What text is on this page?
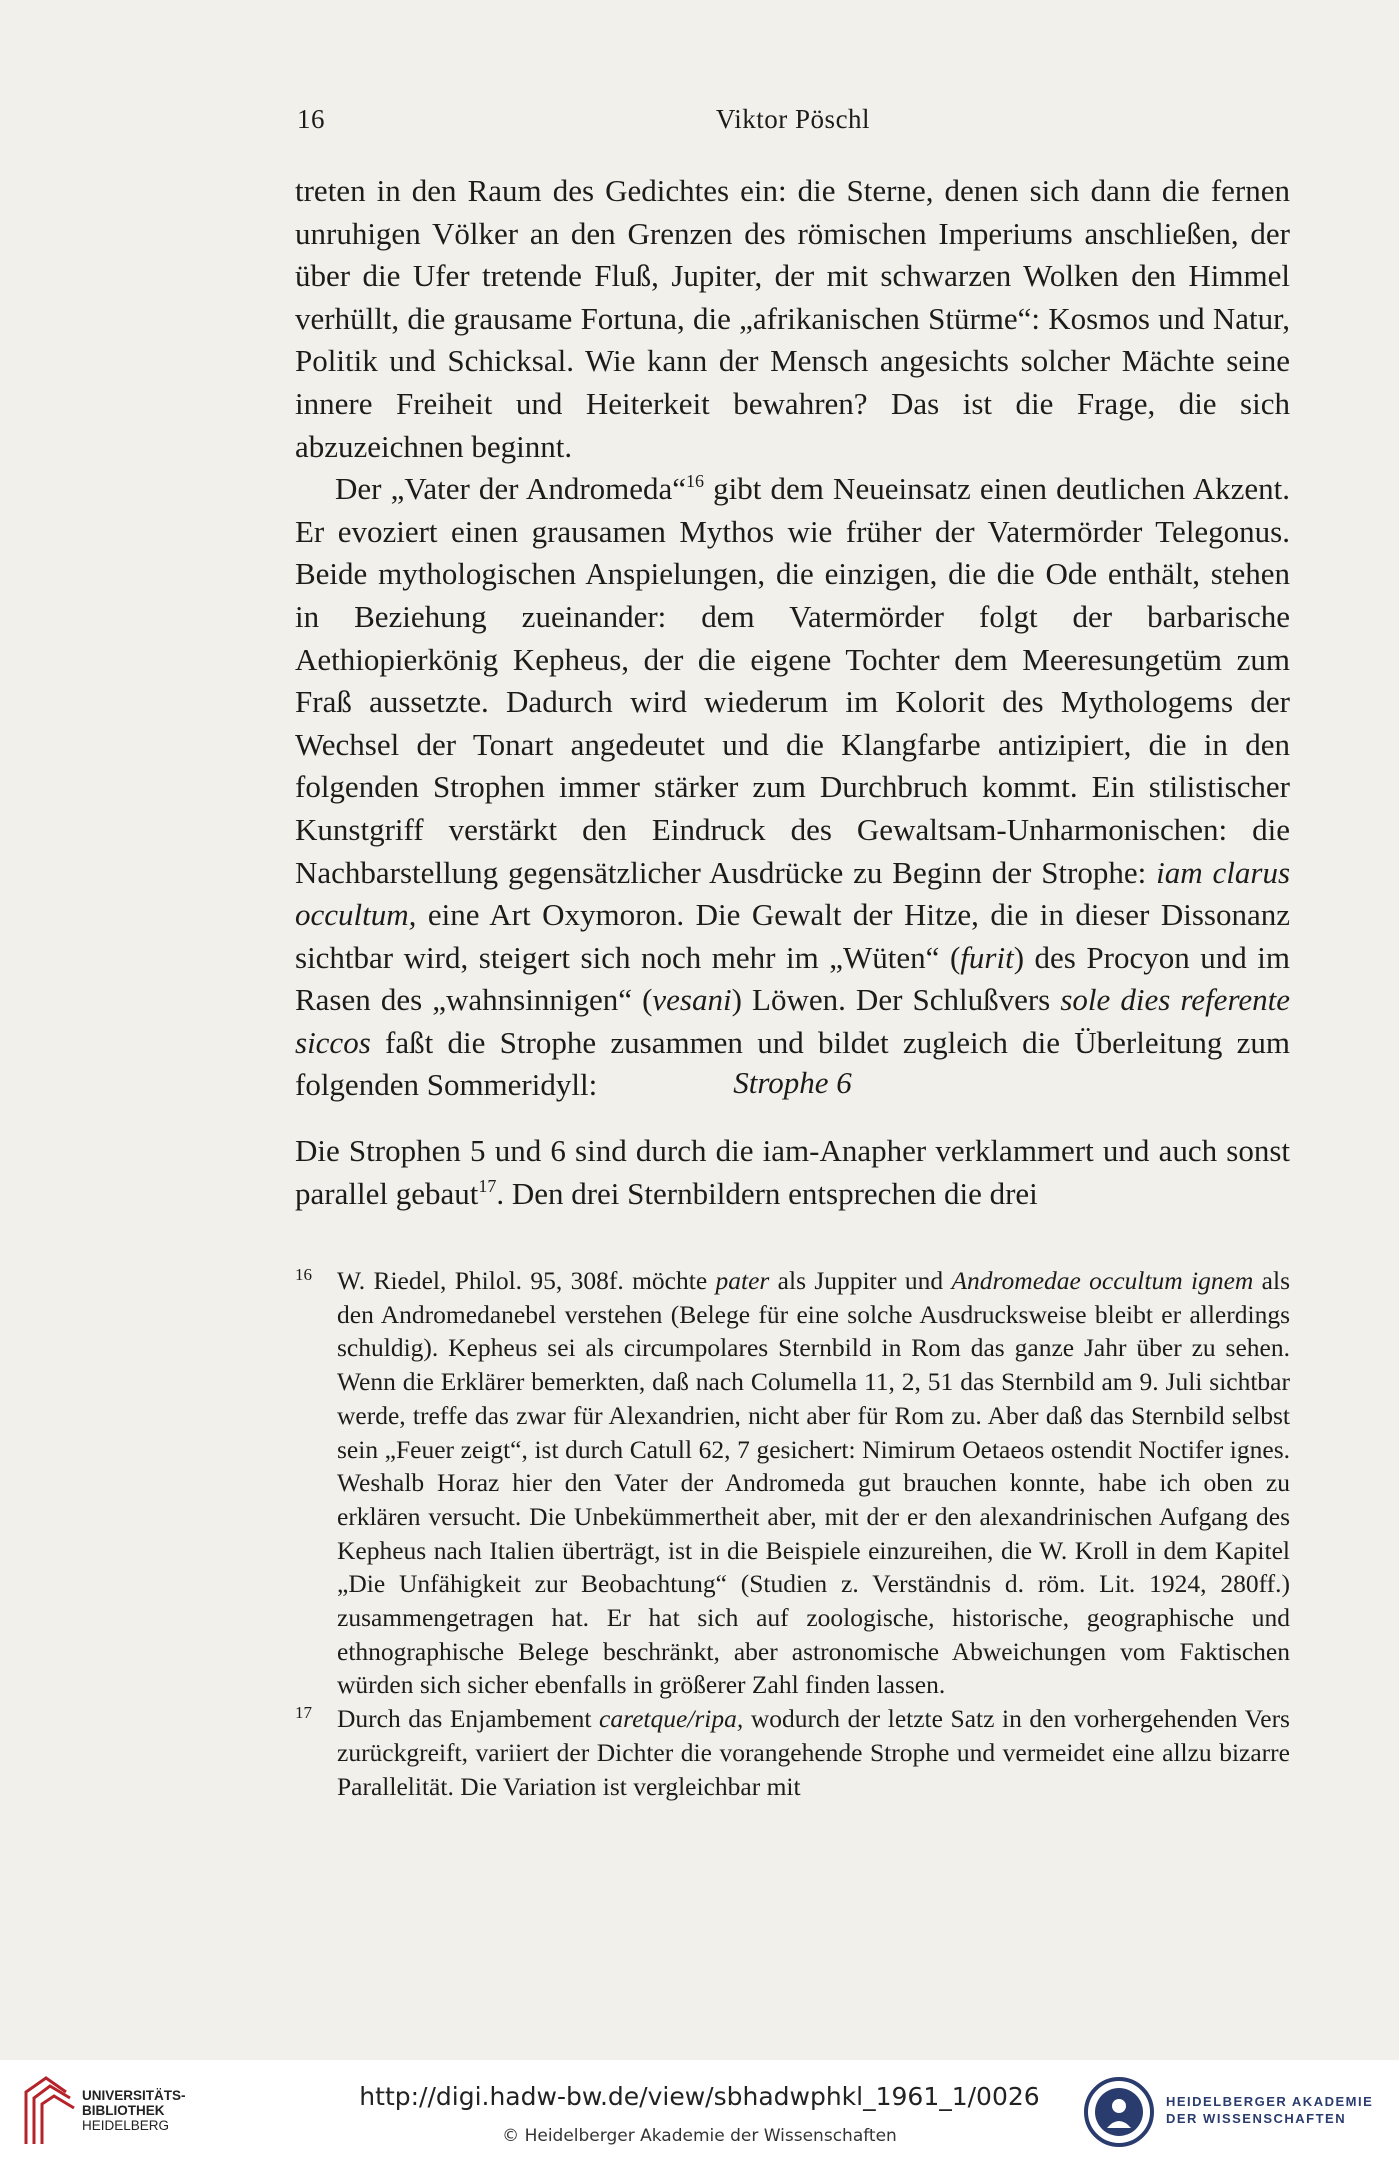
16	Viktor Pöschl

treten in den Raum des Gedichtes ein: die Sterne, denen sich dann die fernen unruhigen Völker an den Grenzen des römischen Imperiums anschließen, der über die Ufer tretende Fluß, Jupiter, der mit schwarzen Wolken den Himmel verhüllt, die grausame Fortuna, die „afrikanischen Stürme“: Kosmos und Natur, Politik und Schicksal. Wie kann der Mensch angesichts solcher Mächte seine innere Freiheit und Heiterkeit bewahren? Das ist die Frage, die sich abzuzeichnen beginnt.

Der „Vater der Andromeda“$^{16}$ gibt dem Neueinsatz einen deutlichen Akzent. Er evoziert einen grausamen Mythos wie früher der Vatermörder Telegonus. Beide mythologischen Anspielungen, die einzigen, die die Ode enthält, stehen in Beziehung zueinander: dem Vatermörder folgt der barbarische Aethiopierkönig Kepheus, der die eigene Tochter dem Meeresungetüm zum Fraß aussetzte. Dadurch wird wiederum im Kolorit des Mythologems der Wechsel der Tonart angedeutet und die Klangfarbe antizipiert, die in den folgenden Strophen immer stärker zum Durchbruch kommt. Ein stilistischer Kunstgriff verstärkt den Eindruck des Gewaltsam-Unharmonischen: die Nachbarstellung gegensätzlicher Ausdrücke zu Beginn der Strophe: iam clarus occultum, eine Art Oxymoron. Die Gewalt der Hitze, die in dieser Dissonanz sichtbar wird, steigert sich noch mehr im „Wüten“ (furit) des Procyon und im Rasen des „wahnsinnigen“ (vesani) Löwen. Der Schlußvers sole dies referente siccos faßt die Strophe zusammen und bildet zugleich die Überleitung zum folgenden Sommeridyll:	Strophe 6

Die Strophen 5 und 6 sind durch die iam-Anapher verklammert und auch sonst parallel gebaut$^{17}$. Den drei Sternbildern entsprechen die drei

16 W. Riedel, Philol. 95, 308f. möchte pater als Juppiter und Andromedae occultum ignem als den Andromedanebel verstehen (Belege für eine solche Ausdrucksweise bleibt er allerdings schuldig). Kepheus sei als circumpolares Sternbild in Rom das ganze Jahr über zu sehen. Wenn die Erklärer bemerkten, daß nach Columella 11, 2, 51 das Sternbild am 9. Juli sichtbar werde, treffe das zwar für Alexandrien, nicht aber für Rom zu. Aber daß das Sternbild selbst sein „Feuer zeigt“, ist durch Catull 62, 7 gesichert: Nimirum Oetaeos ostendit Noctifer ignes. Weshalb Horaz hier den Vater der Andromeda gut brauchen konnte, habe ich oben zu erklären versucht. Die Unbekümmertheit aber, mit der er den alexandrinischen Aufgang des Kepheus nach Italien überträgt, ist in die Beispiele einzureihen, die W. Kroll in dem Kapitel „Die Unfähigkeit zur Beobachtung“ (Studien z. Verständnis d. röm. Lit. 1924, 280ff.) zusammengetragen hat. Er hat sich auf zoologische, historische, geographische und ethnographische Belege beschränkt, aber astronomische Abweichungen vom Faktischen würden sich sicher ebenfalls in größerer Zahl finden lassen.

17 Durch das Enjambement caretque/ripa, wodurch der letzte Satz in den vorhergehenden Vers zurückgreift, variiert der Dichter die vorangehende Strophe und vermeidet eine allzu bizarre Parallelität. Die Variation ist vergleichbar mit

UNIVERSITÄTS-
BIBLIOTHEK
HEIDELBERG
http://digi.hadw-bw.de/view/sbhadwphkl_1961_1/0026
© Heidelberger Akademie der Wissenschaften
HEIDELBERGER AKADEMIE
DER WISSENSCHAFTEN
